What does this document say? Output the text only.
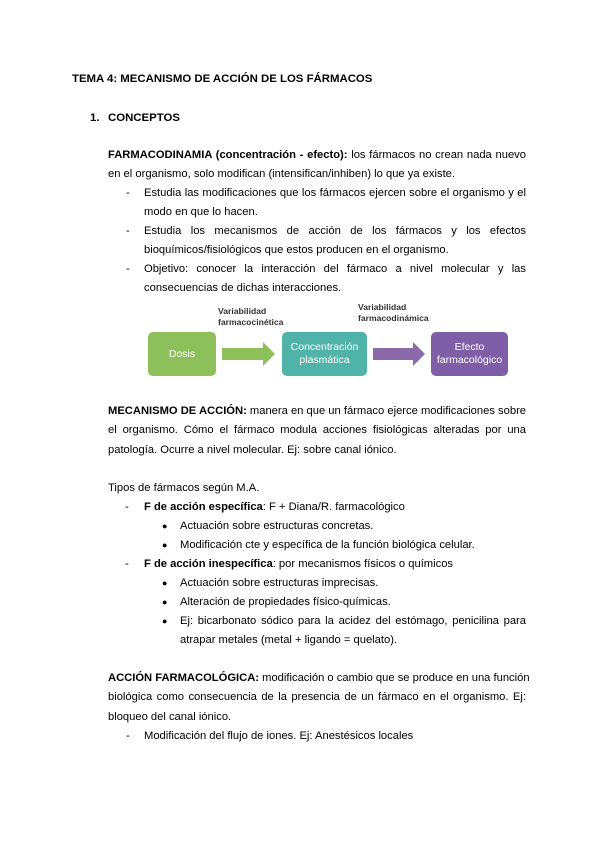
TEMA 4: MECANISMO DE ACCIÓN DE LOS FÁRMACOS
1. CONCEPTOS
FARMACODINAMIA (concentración - efecto): los fármacos no crean nada nuevo
en el organismo, solo modifican (intensifican/inhiben) lo que ya existe.
- Estudia las modificaciones que los fármacos ejercen sobre el organismo y el
modo en que lo hacen.
- Estudia los mecanismos de acción de los fármacos y los efectos
bioquímicos/fisiológicos que estos producen en el organismo.
- Objetivo: conocer la interacción del fármaco a nivel molecular y las
consecuencias de dichas interacciones.
Variabilidad
farmacocinética
Variabilidad
farmacodinámica
Dosis
Concentración
plasmática
Efecto
farmacológico
MECANISMO DE ACCIÓN: manera en que un fármaco ejerce modificaciones sobre
el organismo. Cómo el fármaco modula acciones fisiológicas alteradas por una
patología. Ocurre a nivel molecular. Ej: sobre canal iónico.
Tipos de fármacos según M.A.
- F de acción específica: F + Diana/R. farmacológico
● Actuación sobre estructuras concretas.
● Modificación cte y específica de la función biológica celular.
- F de acción inespecífica: por mecanismos físicos o químicos
● Actuación sobre estructuras imprecisas.
● Alteración de propiedades físico-químicas.
● Ej: bicarbonato sódico para la acidez del estómago, penicilina para
atrapar metales (metal + ligando = quelato).
ACCIÓN FARMACOLÓGICA: modificación o cambio que se produce en una función
biológica como consecuencia de la presencia de un fármaco en el organismo. Ej:
bloqueo del canal iónico.
- Modificación del flujo de iones. Ej: Anestésicos locales
